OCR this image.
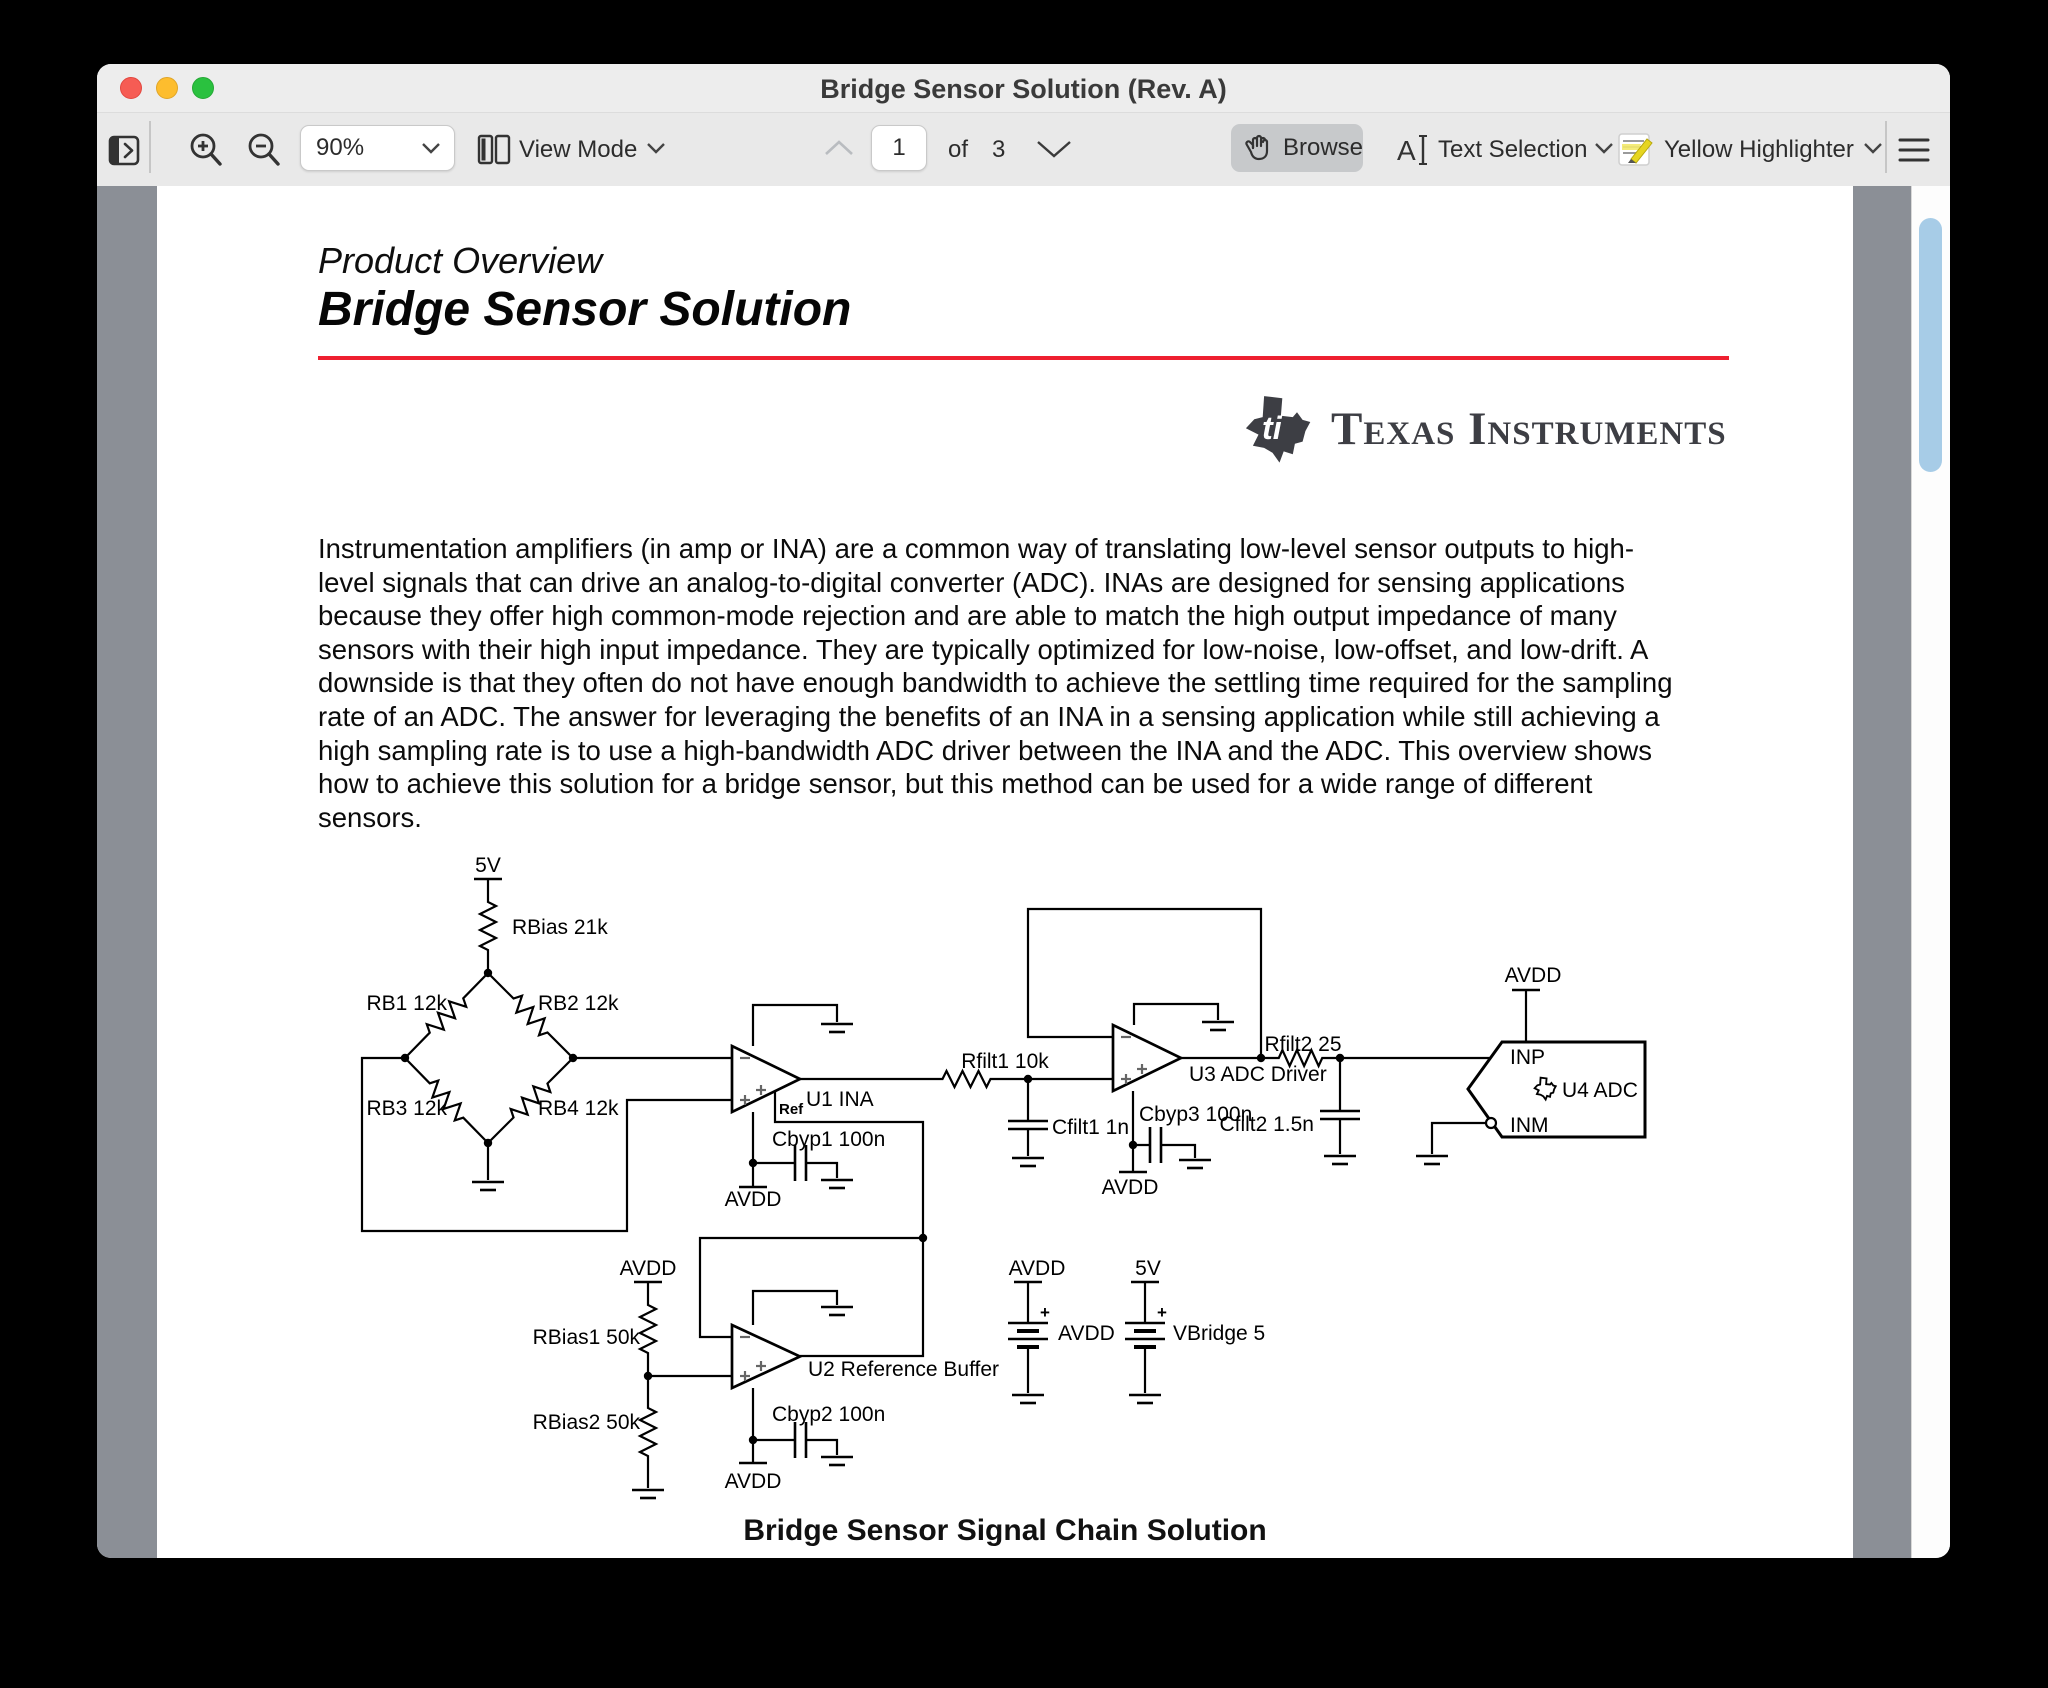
Bridge Sensor Solution (Rev. A)
90%	View Mode
1	of 3	Browse A Text Selection	Yellow Highlighter
Product Overview
Bridge Sensor Solution
ti Texas Instruments
Instrumentation amplifiers (in amp or INA) are a common way of translating low-level sensor outputs to high-
level signals that can drive an analog-to-digital converter (ADC). INAs are designed for sensing applications
because they offer high common-mode rejection and are able to match the high output impedance of many
sensors with their high input impedance. They are typically optimized for low-noise, low-offset, and low-drift. A
downside is that they often do not have enough bandwidth to achieve the settling time required for the sampling
rate of an ADC. The answer for leveraging the benefits of an INA in a sensing application while still achieving a
high sampling rate is to use a high-bandwidth ADC driver between the INA and the ADC. This overview shows
how to achieve this solution for a bridge sensor, but this method can be used for a wide range of different
sensors.
+	+
5V
RBias 21k
RB1 12k	RB2 12k
RB3 12k	RB4 12k	U1 INA
Ref
Cbyp1 100n
AVDD
Rfilt1 10k
Cfilt1 1n
U3 ADC Driver
Cbyp3 100n
AVDD
Rfilt2 25
Cfilt2 1.5n
AVDD
INP
INM
U4 ADC
AVDD
RBias1 50k
RBias2 50k
U2 Reference Buffer
Cbyp2 100n
AVDD
AVDD
AVDD
5V
VBridge 5
Bridge Sensor Signal Chain Solution
